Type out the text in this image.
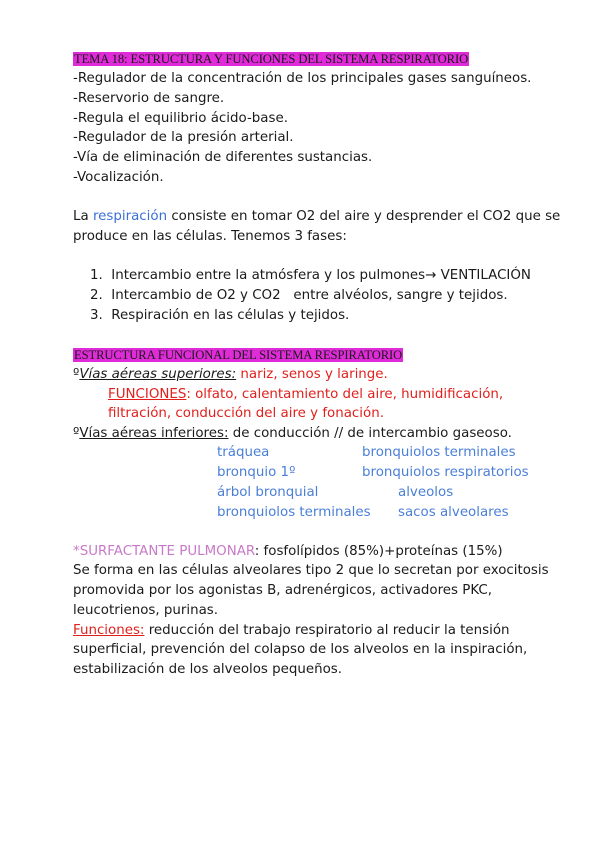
TEMA 18: ESTRUCTURA Y FUNCIONES DEL SISTEMA RESPIRATORIO
-Regulador de la concentración de los principales gases sanguíneos.
-Reservorio de sangre.
-Regula el equilibrio ácido-base.
-Regulador de la presión arterial.
-Vía de eliminación de diferentes sustancias.
-Vocalización.
La respiración consiste en tomar O2 del aire y desprender el CO2 que se
produce en las células. Tenemos 3 fases:
1. Intercambio entre la atmósfera y los pulmones→ VENTILACIÓN
2. Intercambio de O2 y CO2   entre alvéolos, sangre y tejidos.
3. Respiración en las células y tejidos.
ESTRUCTURA FUNCIONAL DEL SISTEMA RESPIRATORIO
ºVías aéreas superiores: nariz, senos y laringe.
FUNCIONES: olfato, calentamiento del aire, humidificación,
filtración, conducción del aire y fonación.
ºVías aéreas inferiores: de conducción // de intercambio gaseoso.
tráquea
bronquio 1º
árbol bronquial
bronquiolos terminales
bronquiolos terminales
bronquiolos respiratorios
alveolos
sacos alveolares
*SURFACTANTE PULMONAR: fosfolípidos (85%)+proteínas (15%)
Se forma en las células alveolares tipo 2 que lo secretan por exocitosis
promovida por los agonistas B, adrenérgicos, activadores PKC,
leucotrienos, purinas.
Funciones: reducción del trabajo respiratorio al reducir la tensión
superficial, prevención del colapso de los alveolos en la inspiración,
estabilización de los alveolos pequeños.
